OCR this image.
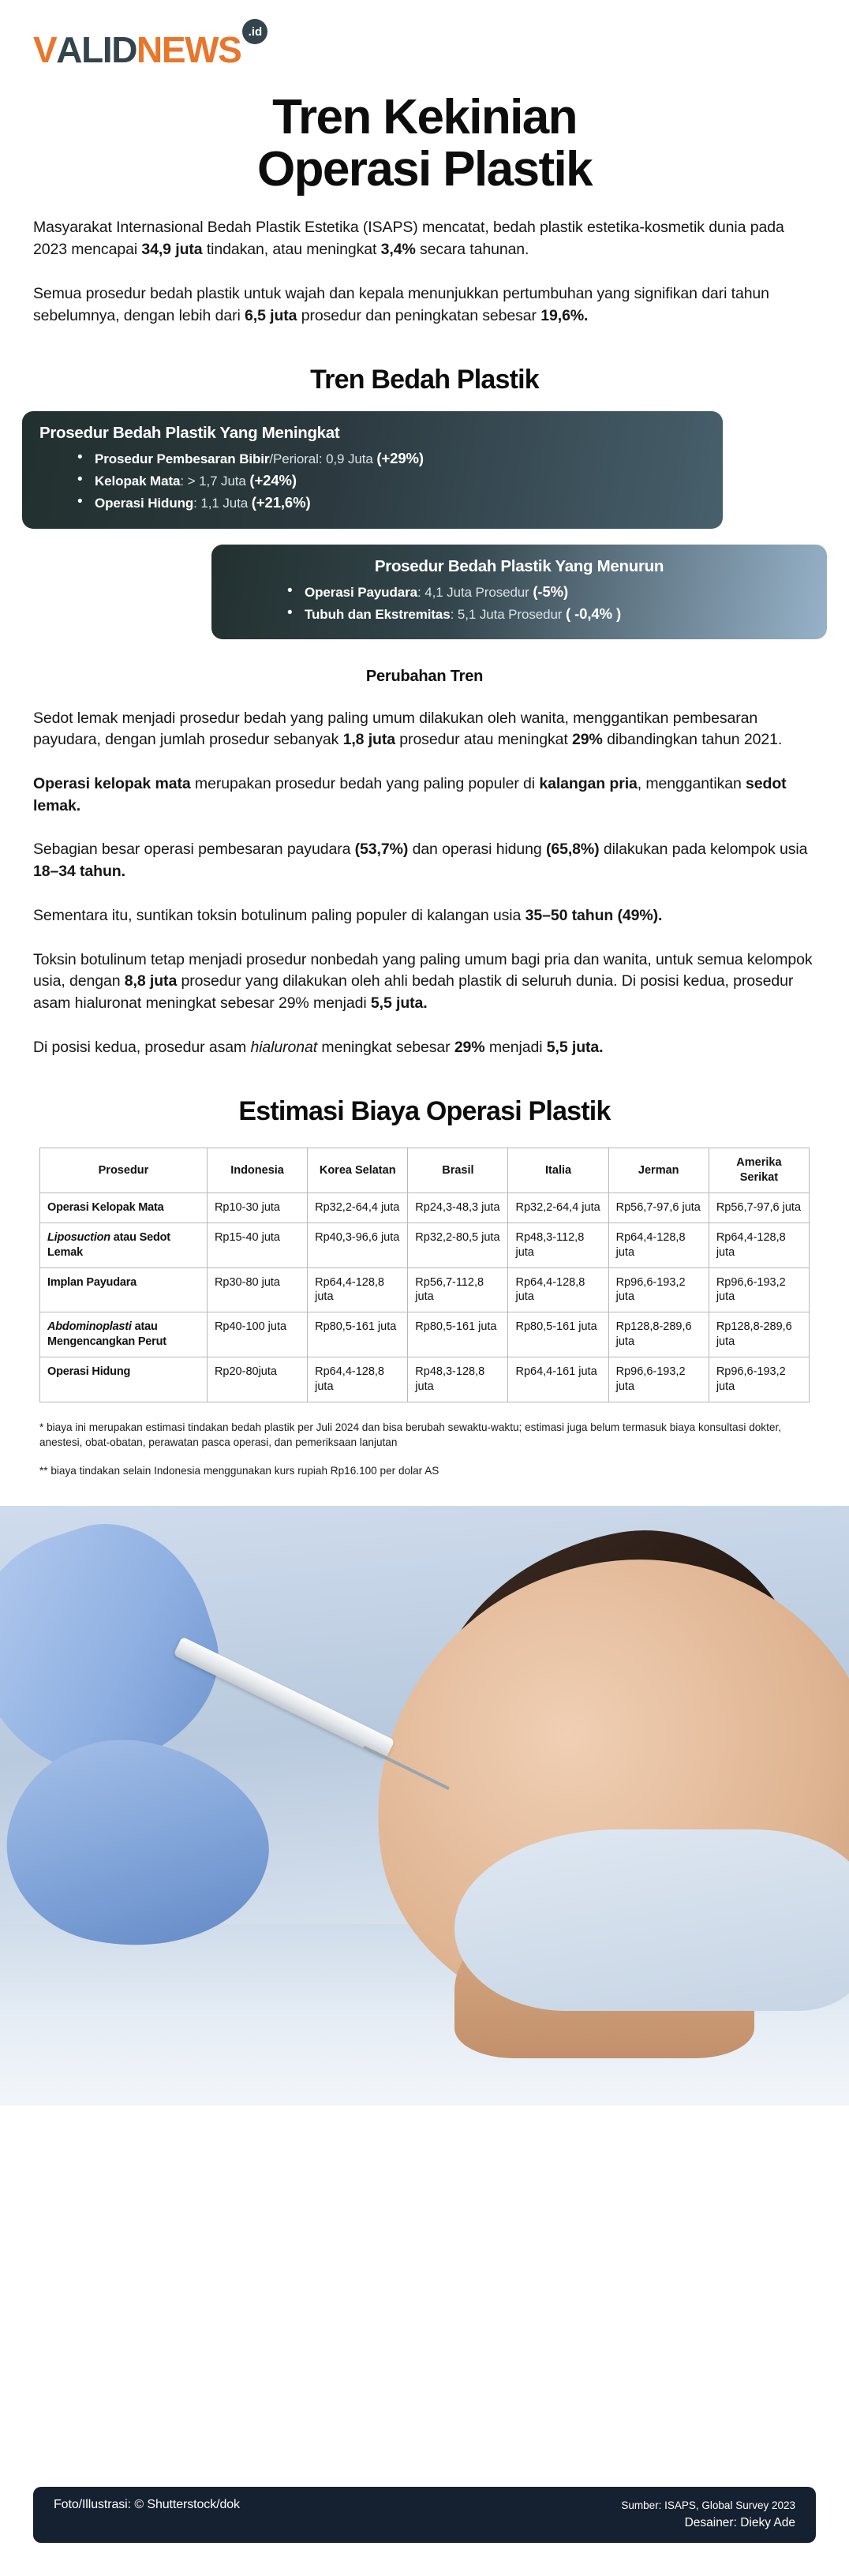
V ALID NEWS .id
Tren Kekinian
Operasi Plastik

Masyarakat Internasional Bedah Plastik Estetika (ISAPS) mencatat, bedah plastik estetika-kosmetik dunia pada 2023 mencapai 34,9 juta tindakan, atau meningkat 3,4% secara tahunan.

Semua prosedur bedah plastik untuk wajah dan kepala menunjukkan pertumbuhan yang signifikan dari tahun sebelumnya, dengan lebih dari 6,5 juta prosedur dan peningkatan sebesar 19,6%.

Tren Bedah Plastik
Prosedur Bedah Plastik Yang Meningkat
• Prosedur Pembesaran Bibir/Perioral: 0,9 Juta (+29%)
• Kelopak Mata: > 1,7 Juta (+24%)
• Operasi Hidung: 1,1 Juta (+21,6%)
Prosedur Bedah Plastik Yang Menurun
• Operasi Payudara: 4,1 Juta Prosedur (-5%)
• Tubuh dan Ekstremitas: 5,1 Juta Prosedur ( -0,4% )
Perubahan Tren

Sedot lemak menjadi prosedur bedah yang paling umum dilakukan oleh wanita, menggantikan pembesaran payudara, dengan jumlah prosedur sebanyak 1,8 juta prosedur atau meningkat 29% dibandingkan tahun 2021.

Operasi kelopak mata merupakan prosedur bedah yang paling populer di kalangan pria, menggantikan sedot lemak.

Sebagian besar operasi pembesaran payudara (53,7%) dan operasi hidung (65,8%) dilakukan pada kelompok usia 18–34 tahun.

Sementara itu, suntikan toksin botulinum paling populer di kalangan usia 35–50 tahun (49%).

Toksin botulinum tetap menjadi prosedur nonbedah yang paling umum bagi pria dan wanita, untuk semua kelompok usia, dengan 8,8 juta prosedur yang dilakukan oleh ahli bedah plastik di seluruh dunia. Di posisi kedua, prosedur asam hialuronat meningkat sebesar 29% menjadi 5,5 juta.

Di posisi kedua, prosedur asam hialuronat meningkat sebesar 29% menjadi 5,5 juta.

Estimasi Biaya Operasi Plastik
Prosedur	Indonesia	Korea Selatan	Brasil	Italia	Jerman	Amerika Serikat
Operasi Kelopak Mata	Rp10-30 juta	Rp32,2-64,4 juta	Rp24,3-48,3 juta	Rp32,2-64,4 juta	Rp56,7-97,6 juta	Rp56,7-97,6 juta
Liposuction atau Sedot Lemak	Rp15-40 juta	Rp40,3-96,6 juta	Rp32,2-80,5 juta	Rp48,3-112,8 juta	Rp64,4-128,8 juta	Rp64,4-128,8 juta
Implan Payudara	Rp30-80 juta	Rp64,4-128,8 juta	Rp56,7-112,8 juta	Rp64,4-128,8 juta	Rp96,6-193,2 juta	Rp96,6-193,2 juta
Abdominoplasti atau Mengencangkan Perut	Rp40-100 juta	Rp80,5-161 juta	Rp80,5-161 juta	Rp80,5-161 juta	Rp128,8-289,6 juta	Rp128,8-289,6 juta
Operasi Hidung	Rp20-80juta	Rp64,4-128,8 juta	Rp48,3-128,8 juta	Rp64,4-161 juta	Rp96,6-193,2 juta	Rp96,6-193,2 juta
* biaya ini merupakan estimasi tindakan bedah plastik per Juli 2024 dan bisa berubah sewaktu-waktu; estimasi juga belum termasuk biaya konsultasi dokter, anestesi, obat-obatan, perawatan pasca operasi, dan pemeriksaan lanjutan
** biaya tindakan selain Indonesia menggunakan kurs rupiah Rp16.100 per dolar AS
Foto/Illustrasi: © Shutterstock/dok	Sumber: ISAPS, Global Survey 2023
Desainer: Dieky Ade
